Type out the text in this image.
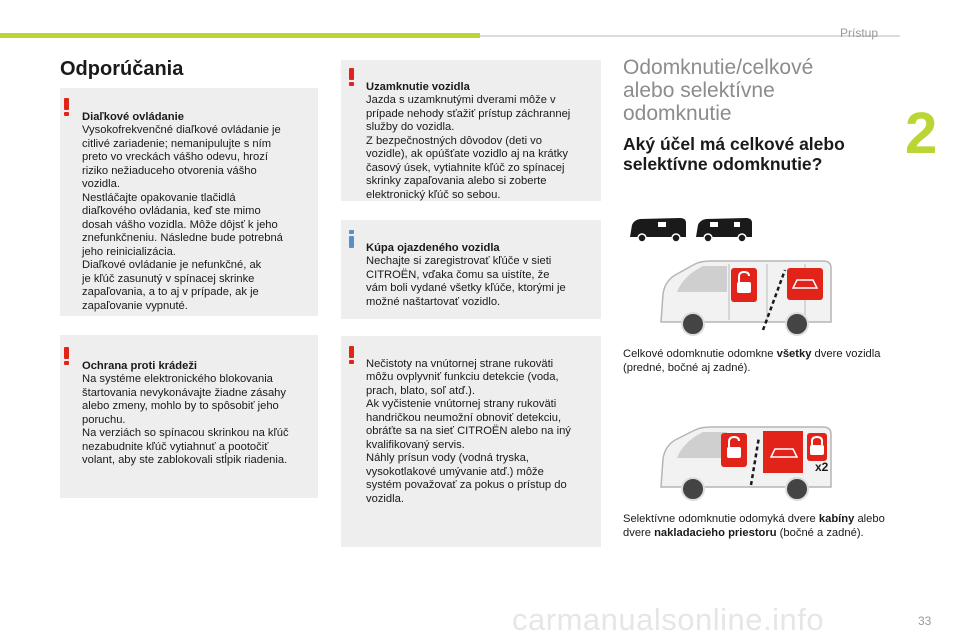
Prístup
2
Odporúčania

Diaľkové ovládanie
Vysokofrekvenčné diaľkové ovládanie je
citlivé zariadenie; nemanipulujte s ním
preto vo vreckách vášho odevu, hrozí
riziko nežiaduceho otvorenia vášho
vozidla.
Nestláčajte opakovanie tlačidlá
diaľkového ovládania, keď ste mimo
dosah vášho vozidla. Môže dôjsť k jeho
znefunkčneniu. Následne bude potrebná
jeho reinicializácia.
Diaľkové ovládanie je nefunkčné, ak
je kľúč zasunutý v spínacej skrinke
zapaľovania, a to aj v prípade, ak je
zapaľovanie vypnuté.

Ochrana proti krádeži
Na systéme elektronického blokovania
štartovania nevykonávajte žiadne zásahy
alebo zmeny, mohlo by to spôsobiť jeho
poruchu.
Na verziách so spínacou skrinkou na kľúč
nezabudnite kľúč vytiahnuť a pootočiť
volant, aby ste zablokovali stĺpik riadenia.

Uzamknutie vozidla
Jazda s uzamknutými dverami môže v
prípade nehody sťažiť prístup záchrannej
služby do vozidla.
Z bezpečnostných dôvodov (deti vo
vozidle), ak opúšťate vozidlo aj na krátky
časový úsek, vytiahnite kľúč zo spínacej
skrinky zapaľovania alebo si zoberte
elektronický kľúč so sebou.

Kúpa ojazdeného vozidla
Nechajte si zaregistrovať kľúče v sieti
CITROËN, vďaka čomu sa uistíte, že
vám boli vydané všetky kľúče, ktorými je
možné naštartovať vozidlo.

Nečistoty na vnútornej strane rukoväti
môžu ovplyvniť funkciu detekcie (voda,
prach, blato, soľ atď.).
Ak vyčistenie vnútornej strany rukoväti
handričkou neumožní obnoviť detekciu,
obráťte sa na sieť CITROËN alebo na iný
kvalifikovaný servis.
Náhly prísun vody (vodná tryska,
vysokotlakové umývanie atď.) môže
systém považovať za pokus o prístup do
vozidla.

Odomknutie/celkové alebo selektívne odomknutie
Aký účel má celkové alebo selektívne odomknutie?
Celkové odomknutie odomkne všetky dvere vozidla (predné, bočné aj zadné).
x2
Selektívne odomknutie odomyká dvere kabíny alebo dvere nakladacieho priestoru (bočné a zadné).
33
carmanualsonline.info
